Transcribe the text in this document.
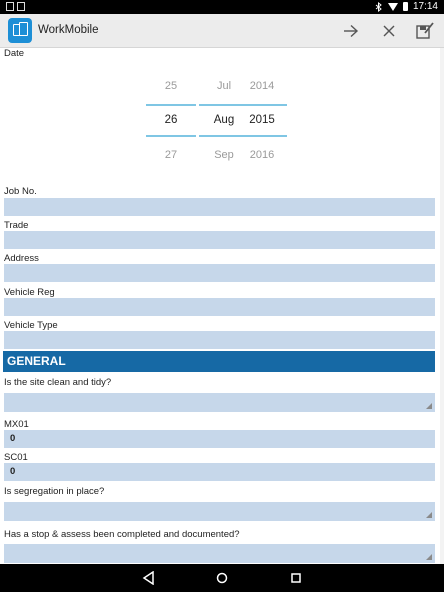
17:14
WorkMobile
Date
25
26
27
Jul
Aug
Sep
2014
2015
2016
Job No.
Trade
Address
Vehicle Reg
Vehicle Type
GENERAL
Is the site clean and tidy?
MX01
0
SC01
0
Is segregation in place?
Has a stop & assess been completed and documented?
